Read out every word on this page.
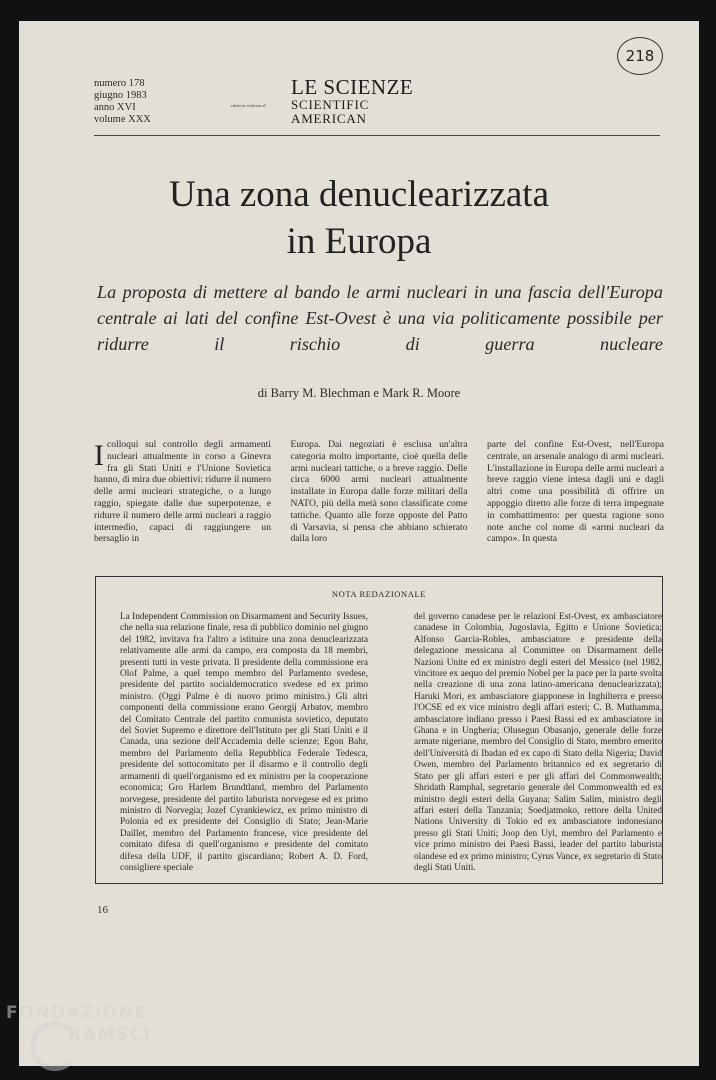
218
numero 178
giugno 1983
anno XVI
volume XXX
edizione italiana di
LE SCIENZE
SCIENTIFIC
AMERICAN
Una zona denuclearizzata
in Europa
La proposta di mettere al bando le armi nucleari in una fascia dell'Europa centrale ai lati del confine Est-Ovest è una via politicamente possibile per ridurre il rischio di guerra nucleare
di Barry M. Blechman e Mark R. Moore
Icolloqui sul controllo degli armamenti nucleari attualmente in corso a Ginevra fra gli Stati Uniti e l'Unione Sovietica hanno, di mira due obiettivi: ridurre il numero delle armi nucleari strategiche, o a lungo raggio, spiegate dalle due superpotenze, e ridurre il numero delle armi nucleari a raggio intermedio, capaci di raggiungere un bersaglio in
Europa. Dai negoziati è esclusa un'altra categoria molto importante, cioè quella delle armi nucleari tattiche, o a breve raggio. Delle circa 6000 armi nucleari attualmente installate in Europa dalle forze militari della NATO, più della metà sono classificate come tattiche. Quanto alle forze opposte del Patto di Varsavia, si pensa che abbiano schierato dalla loro
parte del confine Est-Ovest, nell'Europa centrale, un arsenale analogo di armi nucleari. L'installazione in Europa delle armi nucleari a breve raggio viene intesa dagli uni e dagli altri come una possibilità di offrire un appoggio diretto alle forze di terra impegnate in combattimento: per questa ragione sono note anche col nome di «armi nucleari da campo». In questa
NOTA REDAZIONALE
La Independent Commission on Disarmament and Security Issues, che nella sua relazione finale, resa di pubblico dominio nel giugno del 1982, invitava fra l'altro a istituire una zona denuclearizzata relativamente alle armi da campo, era composta da 18 membri, presenti tutti in veste privata. Il presidente della commissione era Olof Palme, a quel tempo membro del Parlamento svedese, presidente del partito socialdemocratico svedese ed ex primo ministro. (Oggi Palme è di nuovo primo ministro.) Gli altri componenti della commissione erano Georgij Arbatov, membro del Comitato Centrale del partito comunista sovietico, deputato del Soviet Supremo e direttore dell'Istituto per gli Stati Uniti e il Canada, una sezione dell'Accademia delle scienze; Egon Bahr, membro del Parlamento della Repubblica Federale Tedesca, presidente del sottocomitato per il disarmo e il controllo degli armamenti di quell'organismo ed ex ministro per la cooperazione economica; Gro Harlem Brundtland, membro del Parlamento norvegese, presidente del partito laburista norvegese ed ex primo ministro di Norvegia; Jozef Cyrankiewicz, ex primo ministro di Polonia ed ex presidente del Consiglio di Stato; Jean-Marie Daillet, membro del Parlamento francese, vice presidente del comitato difesa di quell'organismo e presidente del comitato difesa della UDF, il partito giscardiano; Robert A. D. Ford, consigliere speciale
del governo canadese per le relazioni Est-Ovest, ex ambasciatore canadese in Colombia, Jugoslavia, Egitto e Unione Sovietica; Alfonso Garcia-Robles, ambasciatore e presidente della delegazione messicana al Committee on Disarmament delle Nazioni Unite ed ex ministro degli esteri del Messico (nel 1982, vincitore ex aequo del premio Nobel per la pace per la parte svolta nella creazione di una zona latino-americana denuclearizzata); Haruki Mori, ex ambasciatore giapponese in Inghilterra e presso l'OCSE ed ex vice ministro degli affari esteri; C. B. Muthamma, ambasciatore indiano presso i Paesi Bassi ed ex ambasciatore in Ghana e in Ungheria; Olusegun Obasanjo, generale delle forze armate nigeriane, membro del Consiglio di Stato, membro emerito dell'Università di Ibadan ed ex capo di Stato della Nigeria; David Owen, membro del Parlamento britannico ed ex segretario di Stato per gli affari esteri e per gli affari del Commonwealth; Shridath Ramphal, segretario generale del Commonwealth ed ex ministro degli esteri della Guyana; Salim Salim, ministro degli affari esteri della Tanzania; Soedjatmoko, rettore della United Nations University di Tokio ed ex ambasciatore indonesiano presso gli Stati Uniti; Joop den Uyl, membro del Parlamento e vice primo ministro dei Paesi Bassi, leader del partito laburista olandese ed ex primo ministro; Cyrus Vance, ex segretario di Stato degli Stati Uniti.
16
FONDAZIONE
RAMSCI
onlus
